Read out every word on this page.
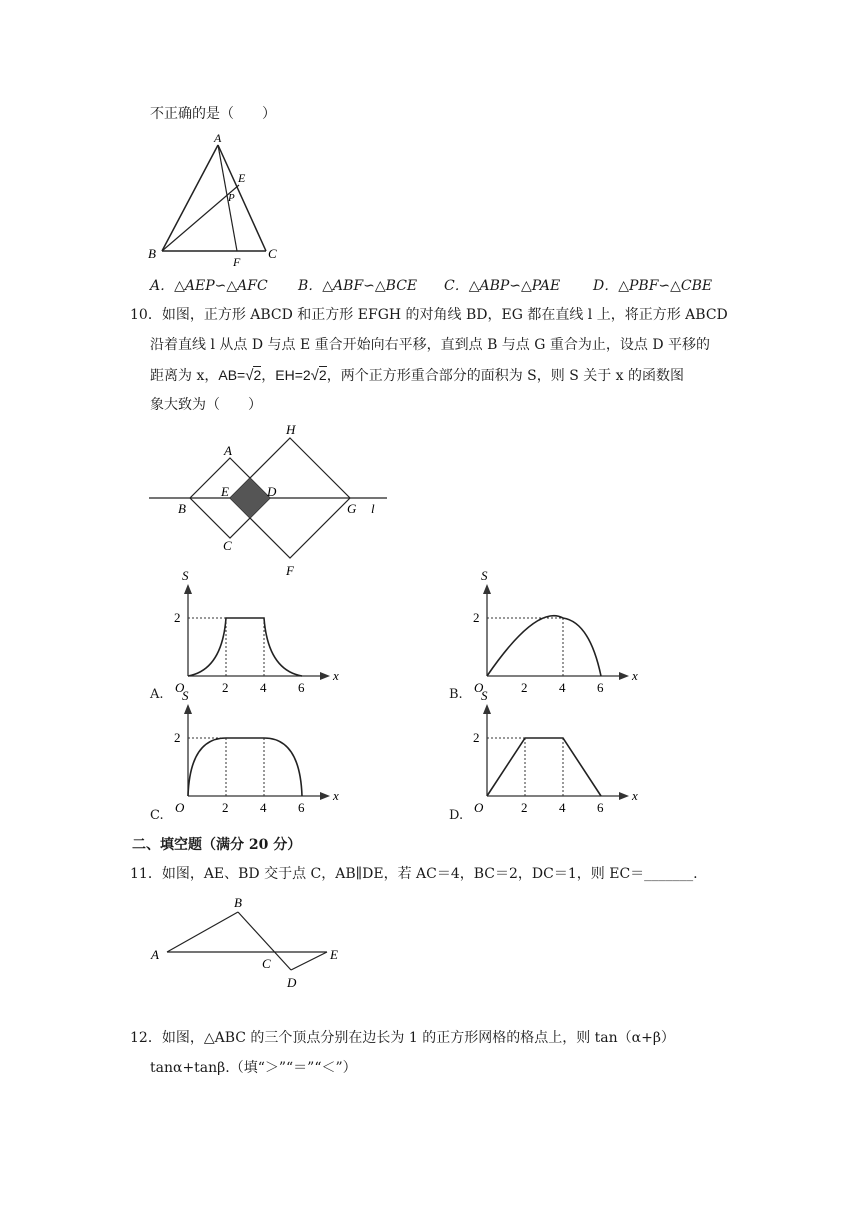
不正确的是（　　）
A
B	C
E
F
P
A．△AEP∽△AFC B．△ABF∽△BCE C．△ABP∽△PAE D．△PBF∽△CBE
10．如图，正方形 ABCD 和正方形 EFGH 的对角线 BD，EG 都在直线 l 上，将正方形 ABCD
沿着直线 l 从点 D 与点 E 重合开始向右平移，直到点 B 与点 G 重合为止，设点 D 平移的
距离为 x，AB=√2，EH=2√2，两个正方形重合部分的面积为 S，则 S 关于 x 的函数图
象大致为（　　）
H
A
E	D
B	G l
C
F
A.
S
x
O
2
2 4 6	B.
S
x
O
2
2 4 6
C.
S
x
O
2
2 4 6
D.
S
x
O
2
2 4 6
二、填空题（满分 20 分）
11．如图，AE、BD 交于点 C，AB∥DE，若 AC＝4，BC＝2，DC＝1，则 EC＝_______.
A
B
C
D
E
12．如图，△ABC 的三个顶点分别在边长为 1 的正方形网格的格点上，则 tan（α+β）
tanα+tanβ.（填“＞”“＝”“＜”）
